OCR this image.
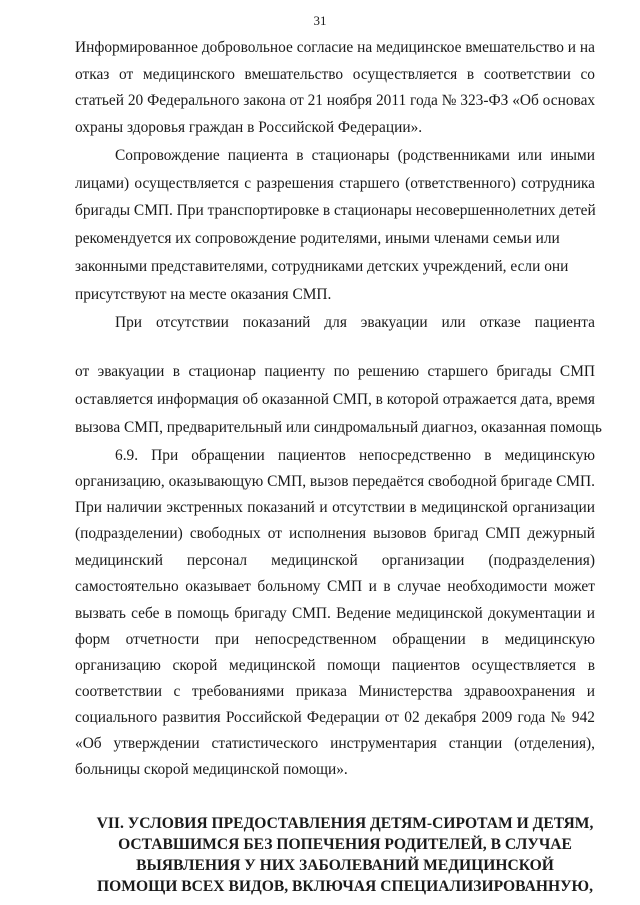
31
Информированное добровольное согласие на медицинское вмешательство и на
отказ от медицинского вмешательство осуществляется в соответствии со
статьей 20 Федерального закона от 21 ноября 2011 года № 323-ФЗ «Об основах
охраны здоровья граждан в Российской Федерации».
Сопровождение пациента в стационары (родственниками или иными
лицами) осуществляется с разрешения старшего (ответственного) сотрудника
бригады СМП. При транспортировке в стационары несовершеннолетних детей
рекомендуется их сопровождение родителями, иными членами семьи или
законными представителями, сотрудниками детских учреждений, если они
присутствуют на месте оказания СМП.
При отсутствии показаний для эвакуации или отказе пациента
от эвакуации в стационар пациенту по решению старшего бригады СМП
оставляется информация об оказанной СМП, в которой отражается дата, время
вызова СМП, предварительный или синдромальный диагноз, оказанная помощь
6.9. При обращении пациентов непосредственно в медицинскую
организацию, оказывающую СМП, вызов передаётся свободной бригаде СМП.
При наличии экстренных показаний и отсутствии в медицинской организации
(подразделении) свободных от исполнения вызовов бригад СМП дежурный
медицинский персонал медицинской организации (подразделения)
самостоятельно оказывает больному СМП и в случае необходимости может
вызвать себе в помощь бригаду СМП. Ведение медицинской документации и
форм отчетности при непосредственном обращении в медицинскую
организацию скорой медицинской помощи пациентов осуществляется в
соответствии с требованиями приказа Министерства здравоохранения и
социального развития Российской Федерации от 02 декабря 2009 года № 942
«Об утверждении статистического инструментария станции (отделения),
больницы скорой медицинской помощи».
VII. УСЛОВИЯ ПРЕДОСТАВЛЕНИЯ ДЕТЯМ-СИРОТАМ И ДЕТЯМ,
ОСТАВШИМСЯ БЕЗ ПОПЕЧЕНИЯ РОДИТЕЛЕЙ, В СЛУЧАЕ
ВЫЯВЛЕНИЯ У НИХ ЗАБОЛЕВАНИЙ МЕДИЦИНСКОЙ
ПОМОЩИ ВСЕХ ВИДОВ, ВКЛЮЧАЯ СПЕЦИАЛИЗИРОВАННУЮ,
